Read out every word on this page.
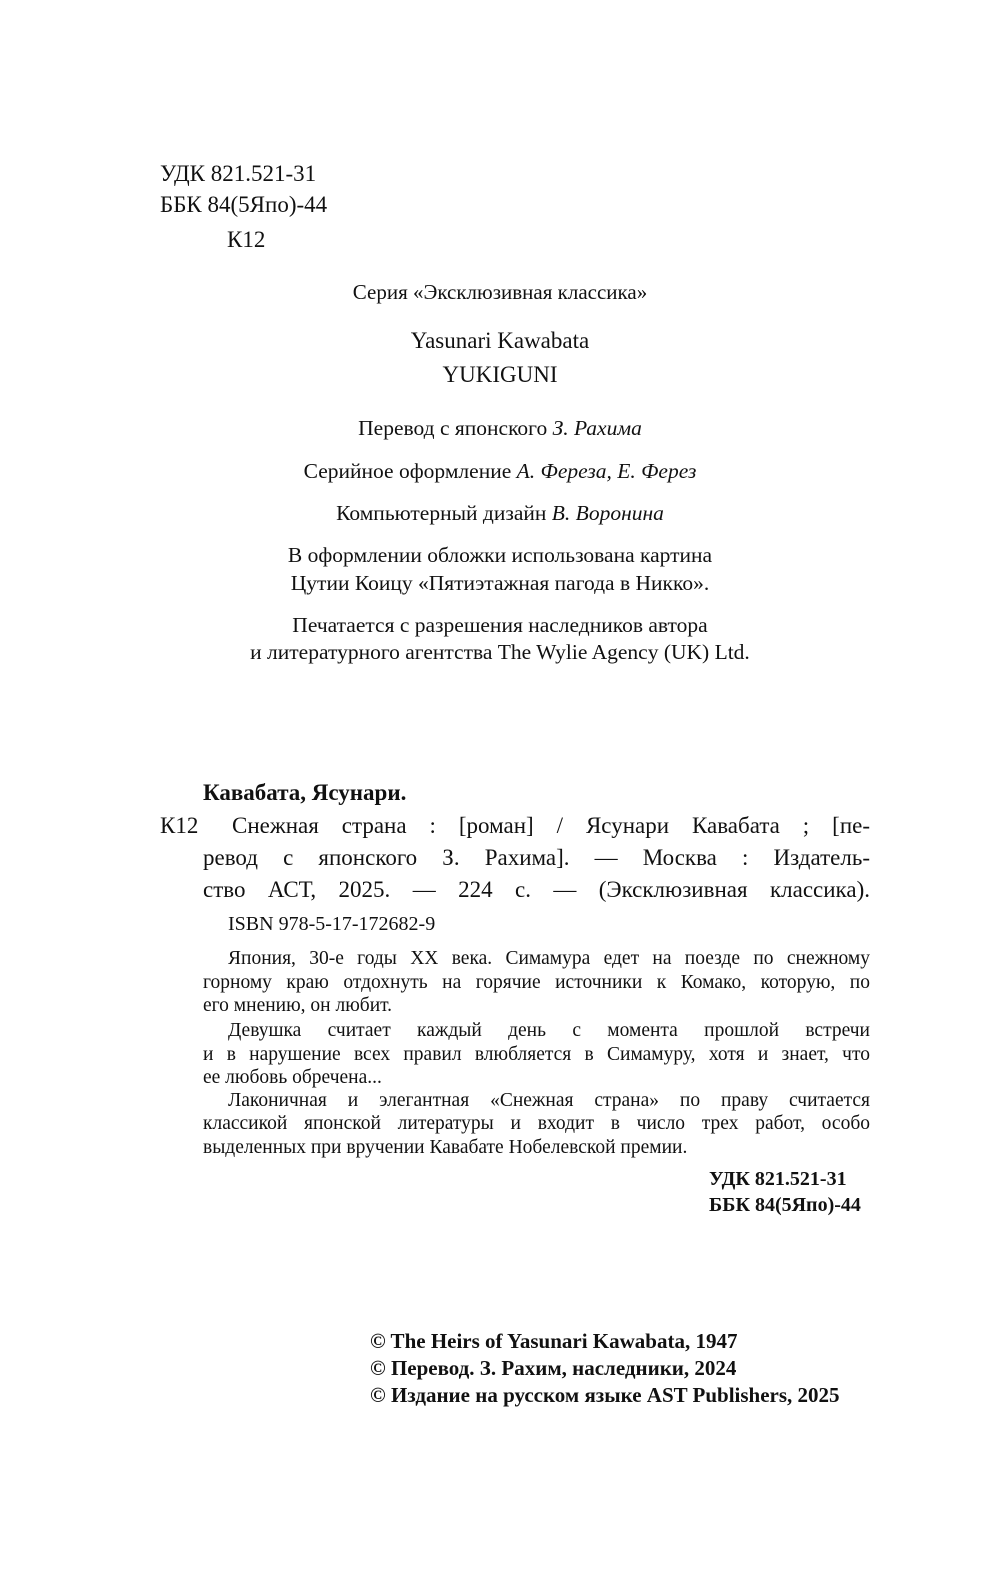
УДК 821.521-31
ББК 84(5Япо)-44
К12
Серия «Эксклюзивная классика»
Yasunari Kawabata
YUKIGUNI
Перевод с японского З. Рахима
Серийное оформление А. Фереза, Е. Ферез
Компьютерный дизайн В. Воронина
В оформлении обложки использована картина
Цутии Коицу «Пятиэтажная пагода в Никко».
Печатается с разрешения наследников автора
и литературного агентства The Wylie Agency (UK) Ltd.
Кавабата, Ясунари.
К12 Снежная страна : [роман] / Ясунари Кавабата ; [пе-
ревод с японского З. Рахима]. — Москва : Издатель-
ство АСТ, 2025. — 224 с. — (Эксклюзивная классика).
ISBN 978-5-17-172682-9
Япония, 30-е годы XX века. Симамура едет на поезде по снежному
горному краю отдохнуть на горячие источники к Комако, которую, по
его мнению, он любит.
Девушка считает каждый день с момента прошлой встречи
и в нарушение всех правил влюбляется в Симамуру, хотя и знает, что
ее любовь обречена...
Лаконичная и элегантная «Снежная страна» по праву считается
классикой японской литературы и входит в число трех работ, особо
выделенных при вручении Кавабате Нобелевской премии.
УДК 821.521-31
ББК 84(5Япо)-44
© The Heirs of Yasunari Kawabata, 1947
© Перевод. З. Рахим, наследники, 2024
© Издание на русском языке AST Publishers, 2025
